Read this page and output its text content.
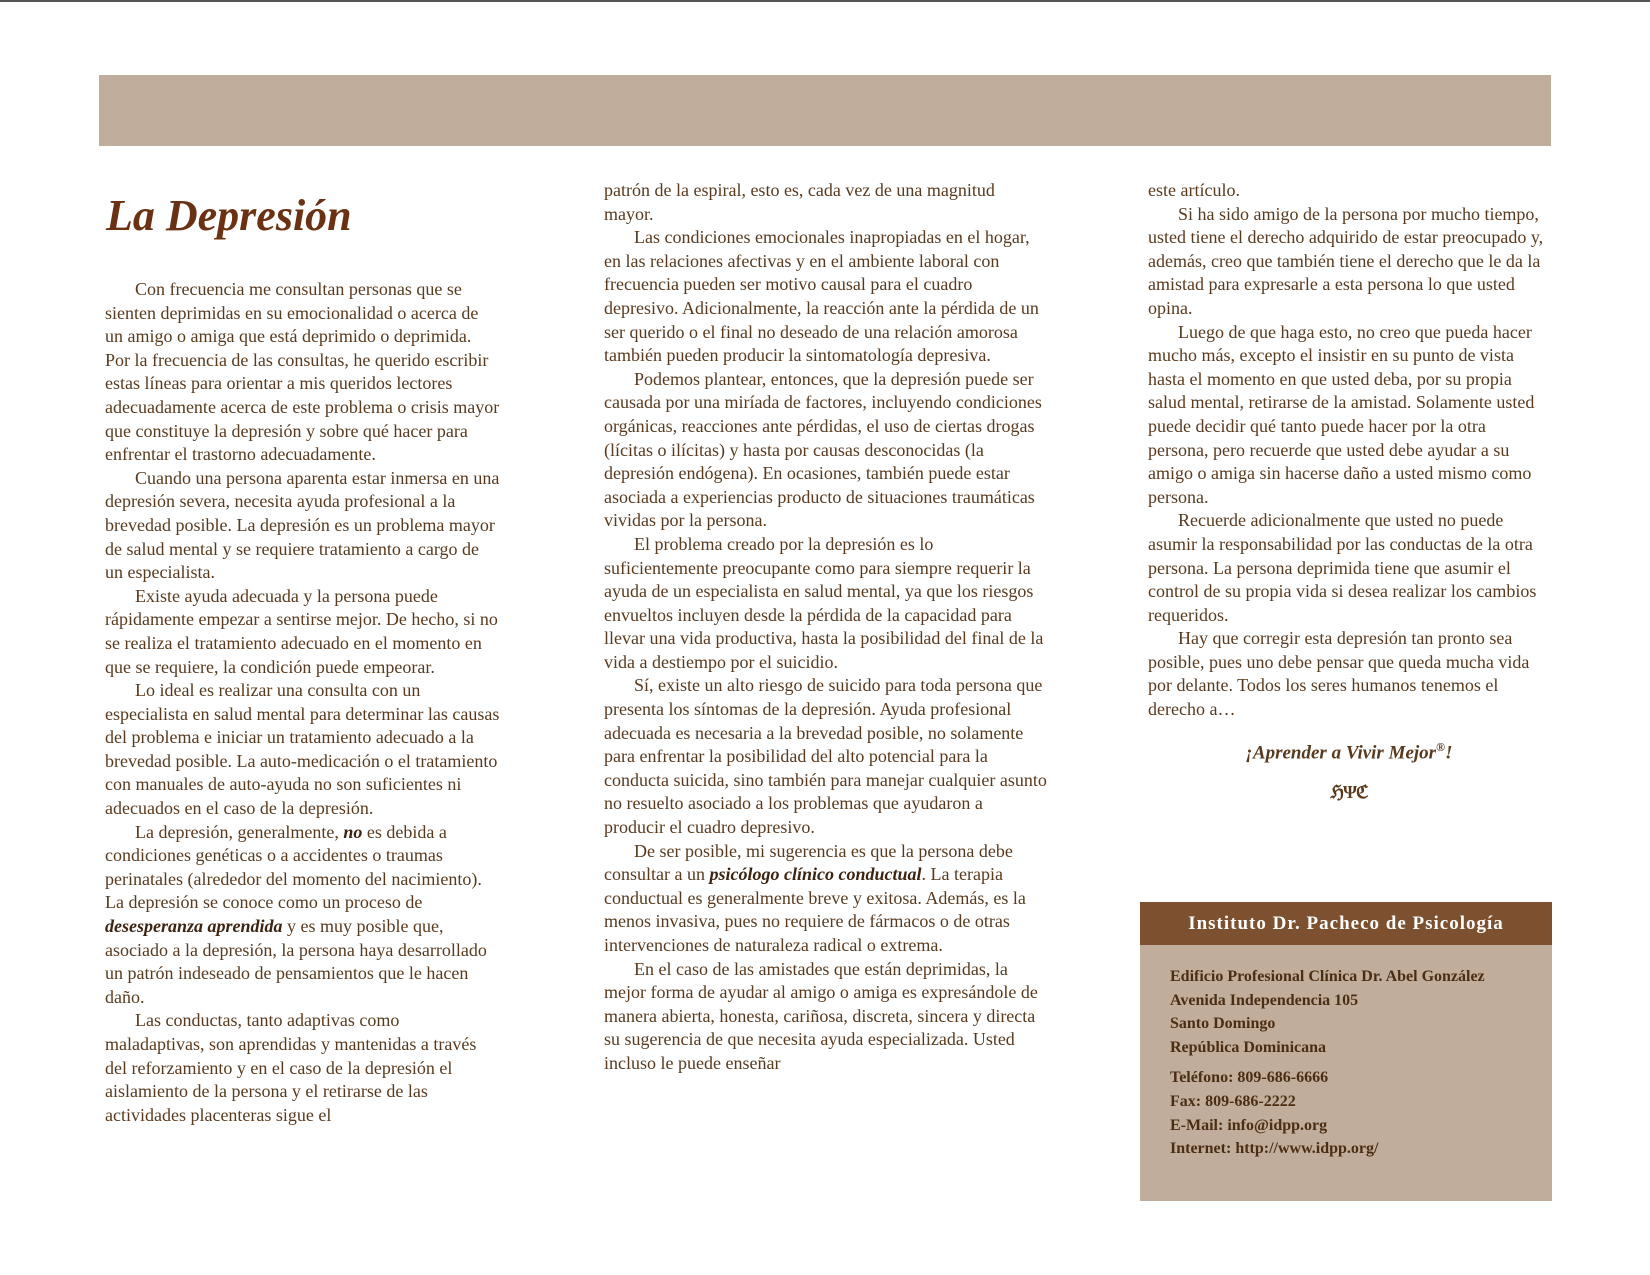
La Depresión

Con frecuencia me consultan personas que se sienten deprimidas en su emocionalidad o acerca de un amigo o amiga que está deprimido o deprimida. Por la frecuencia de las consultas, he querido escribir estas líneas para orientar a mis queridos lectores adecuadamente acerca de este problema o crisis mayor que constituye la depresión y sobre qué hacer para enfrentar el trastorno adecuadamente.

Cuando una persona aparenta estar inmersa en una depresión severa, necesita ayuda profesional a la brevedad posible. La depresión es un problema mayor de salud mental y se requiere tratamiento a cargo de un especialista.

Existe ayuda adecuada y la persona puede rápidamente empezar a sentirse mejor. De hecho, si no se realiza el tratamiento adecuado en el momento en que se requiere, la condición puede empeorar.

Lo ideal es realizar una consulta con un especialista en salud mental para determinar las causas del problema e iniciar un tratamiento adecuado a la brevedad posible. La auto-medicación o el tratamiento con manuales de auto-ayuda no son suficientes ni adecuados en el caso de la depresión.

La depresión, generalmente, no es debida a condiciones genéticas o a accidentes o traumas perinatales (alrededor del momento del nacimiento). La depresión se conoce como un proceso de desesperanza aprendida y es muy posible que, asociado a la depresión, la persona haya desarrollado un patrón indeseado de pensamientos que le hacen daño.

Las conductas, tanto adaptivas como maladaptivas, son aprendidas y mantenidas a través del reforzamiento y en el caso de la depresión el aislamiento de la persona y el retirarse de las actividades placenteras sigue el

patrón de la espiral, esto es, cada vez de una magnitud mayor.

Las condiciones emocionales inapropiadas en el hogar, en las relaciones afectivas y en el ambiente laboral con frecuencia pueden ser motivo causal para el cuadro depresivo. Adicionalmente, la reacción ante la pérdida de un ser querido o el final no deseado de una relación amorosa también pueden producir la sintomatología depresiva.

Podemos plantear, entonces, que la depresión puede ser causada por una miríada de factores, incluyendo condiciones orgánicas, reacciones ante pérdidas, el uso de ciertas drogas (lícitas o ilícitas) y hasta por causas desconocidas (la depresión endógena). En ocasiones, también puede estar asociada a experiencias producto de situaciones traumáticas vividas por la persona.

El problema creado por la depresión es lo suficientemente preocupante como para siempre requerir la ayuda de un especialista en salud mental, ya que los riesgos envueltos incluyen desde la pérdida de la capacidad para llevar una vida productiva, hasta la posibilidad del final de la vida a destiempo por el suicidio.

Sí, existe un alto riesgo de suicido para toda persona que presenta los síntomas de la depresión. Ayuda profesional adecuada es necesaria a la brevedad posible, no solamente para enfrentar la posibilidad del alto potencial para la conducta suicida, sino también para manejar cualquier asunto no resuelto asociado a los problemas que ayudaron a producir el cuadro depresivo.

De ser posible, mi sugerencia es que la persona debe consultar a un psicólogo clínico conductual. La terapia conductual es generalmente breve y exitosa. Además, es la menos invasiva, pues no requiere de fármacos o de otras intervenciones de naturaleza radical o extrema.

En el caso de las amistades que están deprimidas, la mejor forma de ayudar al amigo o amiga es expresándole de manera abierta, honesta, cariñosa, discreta, sincera y directa su sugerencia de que necesita ayuda especializada. Usted incluso le puede enseñar

este artículo.

Si ha sido amigo de la persona por mucho tiempo, usted tiene el derecho adquirido de estar preocupado y, además, creo que también tiene el derecho que le da la amistad para expresarle a esta persona lo que usted opina.

Luego de que haga esto, no creo que pueda hacer mucho más, excepto el insistir en su punto de vista hasta el momento en que usted deba, por su propia salud mental, retirarse de la amistad. Solamente usted puede decidir qué tanto puede hacer por la otra persona, pero recuerde que usted debe ayudar a su amigo o amiga sin hacerse daño a usted mismo como persona.

Recuerde adicionalmente que usted no puede asumir la responsabilidad por las conductas de la otra persona. La persona deprimida tiene que asumir el control de su propia vida si desea realizar los cambios requeridos.

Hay que corregir esta depresión tan pronto sea posible, pues uno debe pensar que queda mucha vida por delante. Todos los seres humanos tenemos el derecho a…

¡Aprender a Vivir Mejor®!
ℌΨℭ
Instituto Dr. Pacheco de Psicología
Edificio Profesional Clínica Dr. Abel González
Avenida Independencia 105
Santo Domingo
República Dominicana
Teléfono: 809-686-6666
Fax: 809-686-2222
E-Mail: info@idpp.org
Internet: http://www.idpp.org/
